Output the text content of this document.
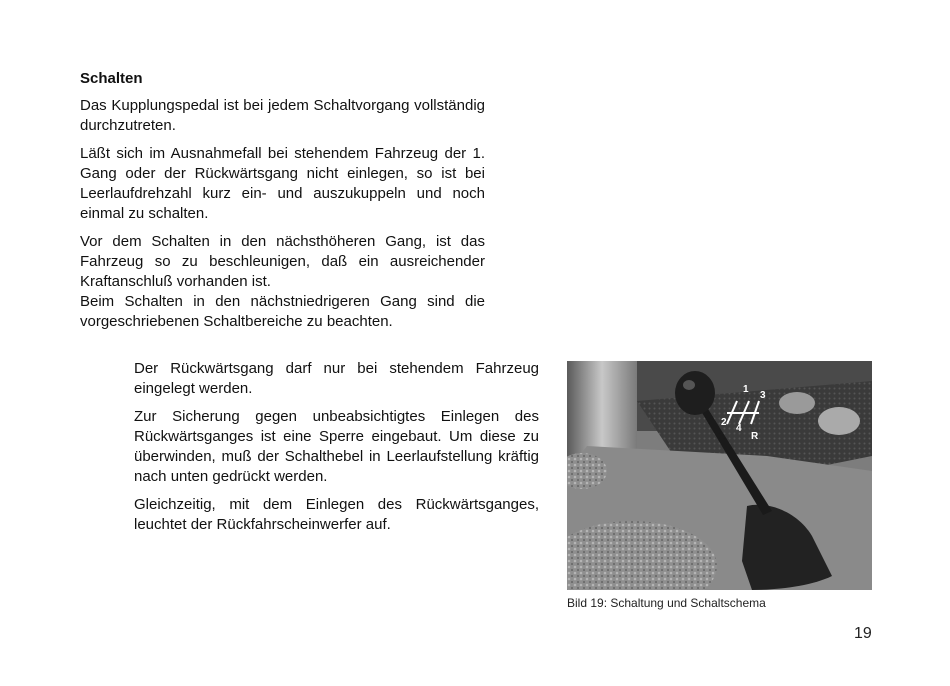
Schalten

Das Kupplungspedal ist bei jedem Schaltvorgang vollständig durchzutreten.

Läßt sich im Ausnahmefall bei stehendem Fahrzeug der 1. Gang oder der Rückwärtsgang nicht einlegen, so ist bei Leerlaufdrehzahl kurz ein- und auszukuppeln und noch einmal zu schalten.

Vor dem Schalten in den nächsthöheren Gang, ist das Fahrzeug so zu beschleunigen, daß ein ausreichender Kraftanschluß vorhanden ist.

Beim Schalten in den nächstniedrigeren Gang sind die vorgeschriebenen Schaltbereiche zu beachten.

Der Rückwärtsgang darf nur bei stehendem Fahrzeug eingelegt werden.

Zur Sicherung gegen unbeabsichtigtes Einlegen des Rückwärtsganges ist eine Sperre eingebaut. Um diese zu überwinden, muß der Schalthebel in Leerlaufstellung kräftig nach unten gedrückt werden.

Gleichzeitig, mit dem Einlegen des Rückwärtsganges, leuchtet der Rückfahrscheinwerfer auf.

1
3
2
4
R
Bild 19: Schaltung und Schaltschema
19
